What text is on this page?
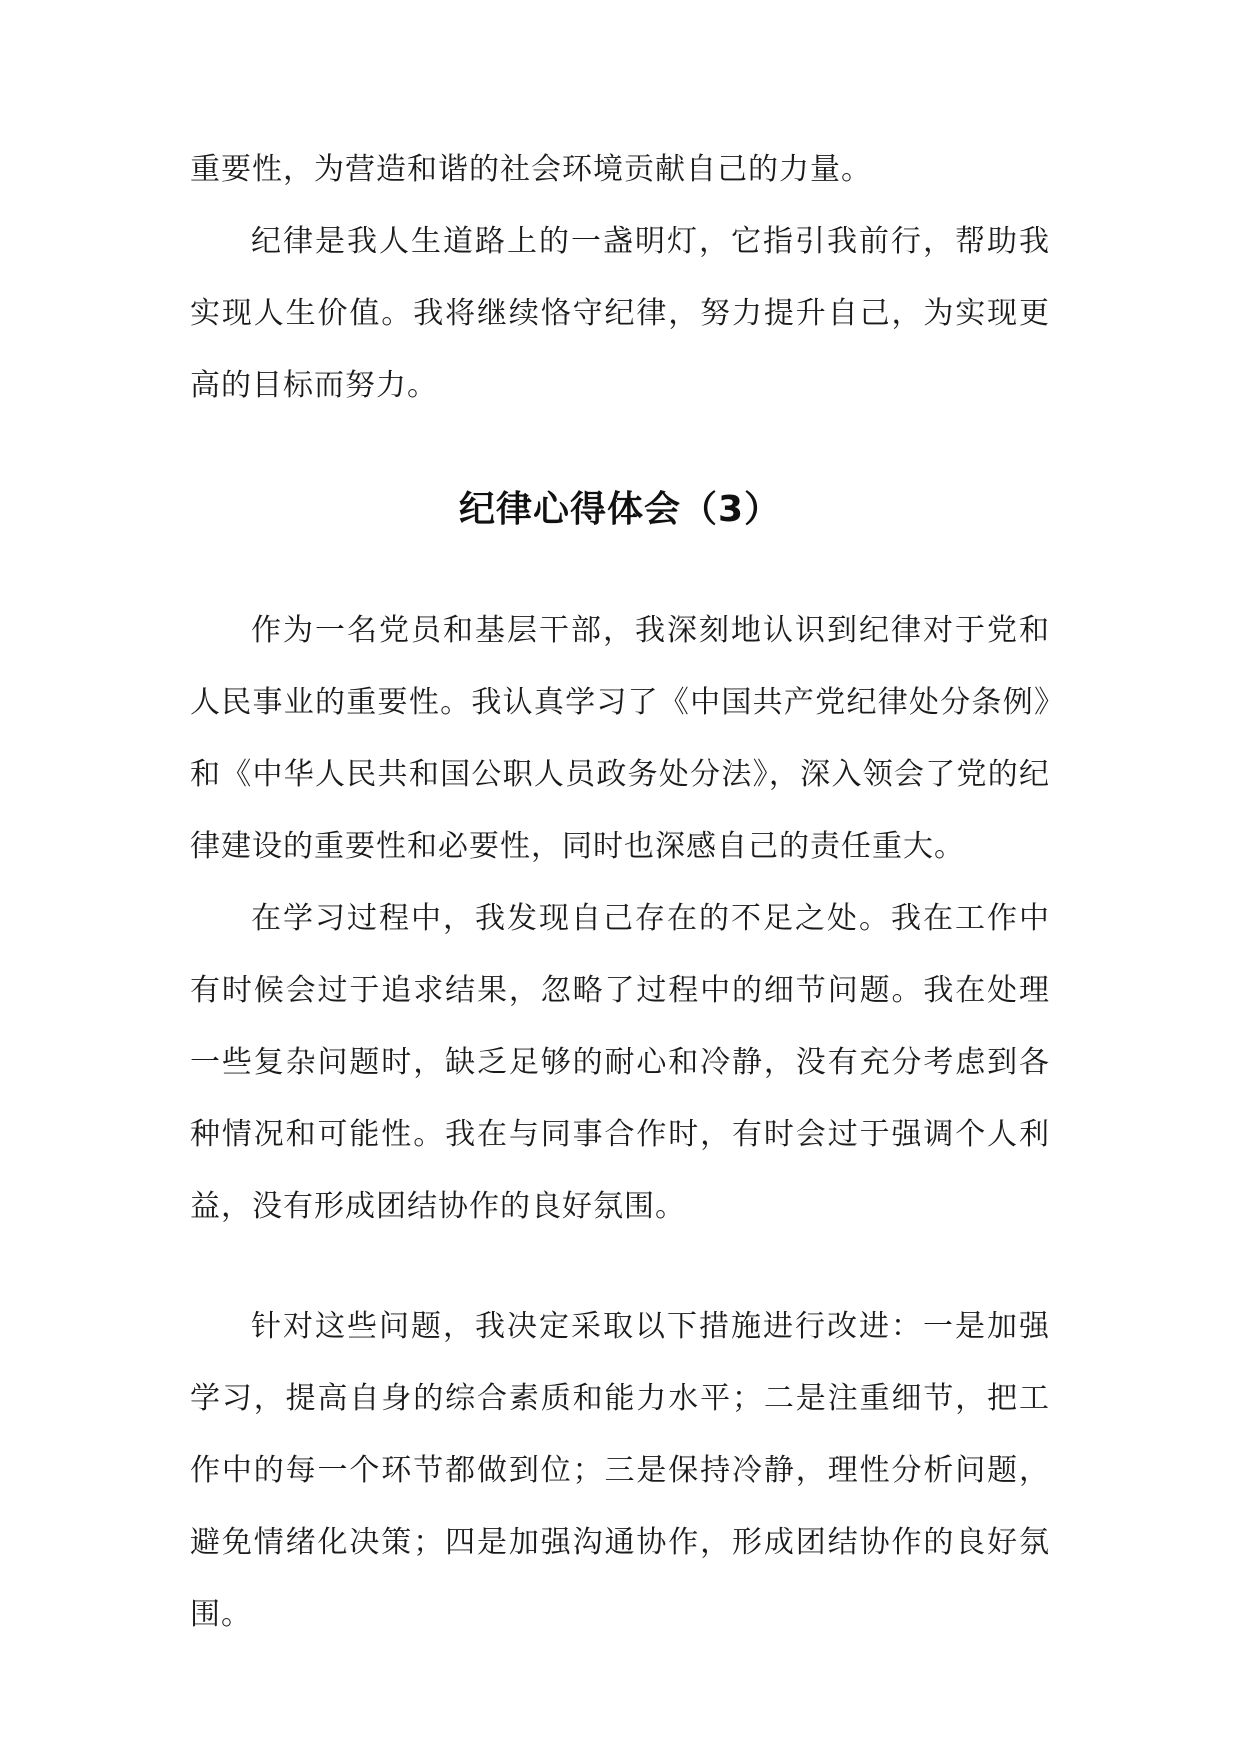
重要性，为营造和谐的社会环境贡献自己的力量。

纪律是我人生道路上的一盏明灯，它指引我前行，帮助我实现人生价值。我将继续恪守纪律，努力提升自己，为实现更高的目标而努力。

纪律心得体会（3）

作为一名党员和基层干部，我深刻地认识到纪律对于党和人民事业的重要性。我认真学习了《中国共产党纪律处分条例》和《中华人民共和国公职人员政务处分法》，深入领会了党的纪律建设的重要性和必要性，同时也深感自己的责任重大。

在学习过程中，我发现自己存在的不足之处。我在工作中有时候会过于追求结果，忽略了过程中的细节问题。我在处理一些复杂问题时，缺乏足够的耐心和冷静，没有充分考虑到各种情况和可能性。我在与同事合作时，有时会过于强调个人利益，没有形成团结协作的良好氛围。

针对这些问题，我决定采取以下措施进行改进：一是加强学习，提高自身的综合素质和能力水平；二是注重细节，把工作中的每一个环节都做到位；三是保持冷静，理性分析问题，避免情绪化决策；四是加强沟通协作，形成团结协作的良好氛围。
